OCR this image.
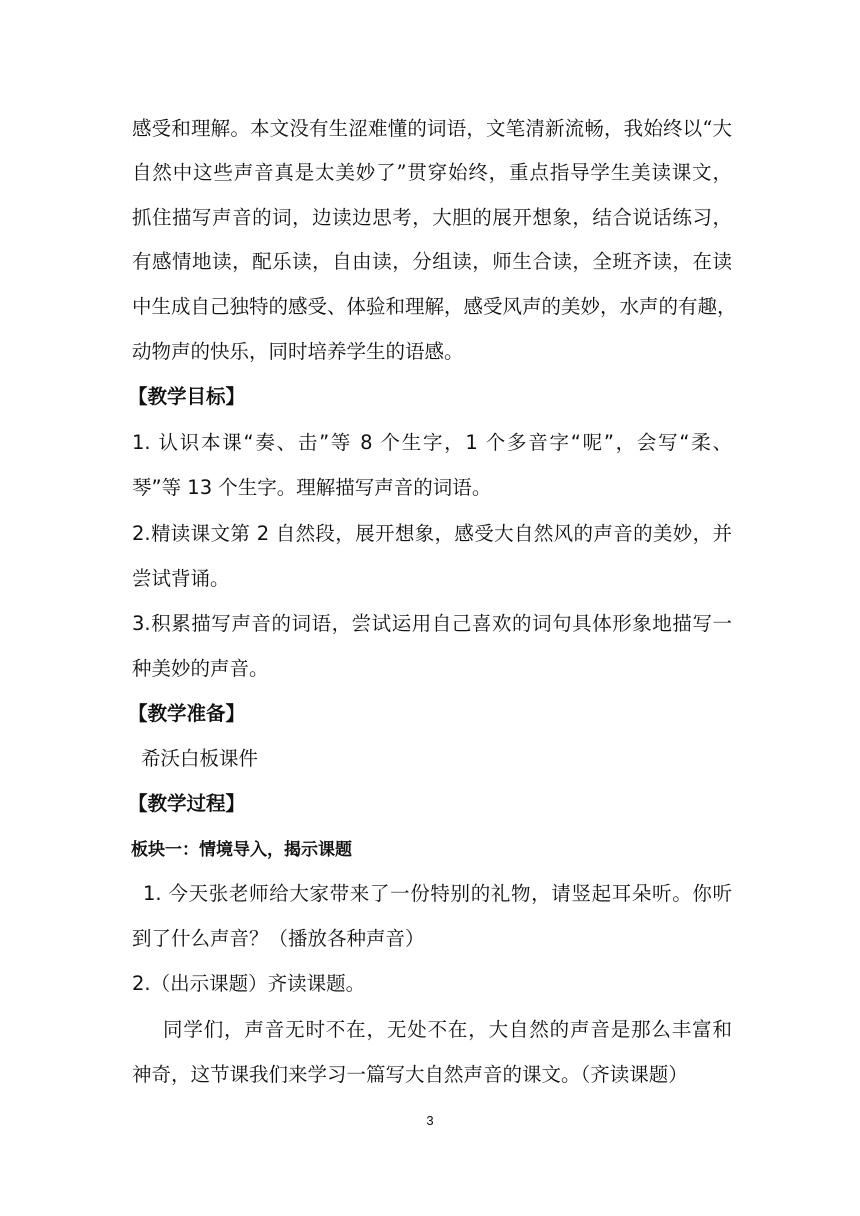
感受和理解。本文没有生涩难懂的词语，文笔清新流畅，我始终以“大
自然中这些声音真是太美妙了”贯穿始终，重点指导学生美读课文，
抓住描写声音的词，边读边思考，大胆的展开想象，结合说话练习，
有感情地读，配乐读，自由读，分组读，师生合读，全班齐读，在读
中生成自己独特的感受、体验和理解，感受风声的美妙，水声的有趣，
动物声的快乐，同时培养学生的语感。
【教学目标】
1. 认识本课“奏、击”等 8 个生字，1 个多音字“呢”，会写“柔、
琴”等 13 个生字。理解描写声音的词语。
2.精读课文第 2 自然段，展开想象，感受大自然风的声音的美妙，并
尝试背诵。
3.积累描写声音的词语，尝试运用自己喜欢的词句具体形象地描写一
种美妙的声音。
【教学准备】
希沃白板课件
【教学过程】
板块一：情境导入，揭示课题
1. 今天张老师给大家带来了一份特别的礼物，请竖起耳朵听。你听
到了什么声音？（播放各种声音）
2.（出示课题）齐读课题。
同学们，声音无时不在，无处不在，大自然的声音是那么丰富和
神奇，这节课我们来学习一篇写大自然声音的课文。（齐读课题）
3
